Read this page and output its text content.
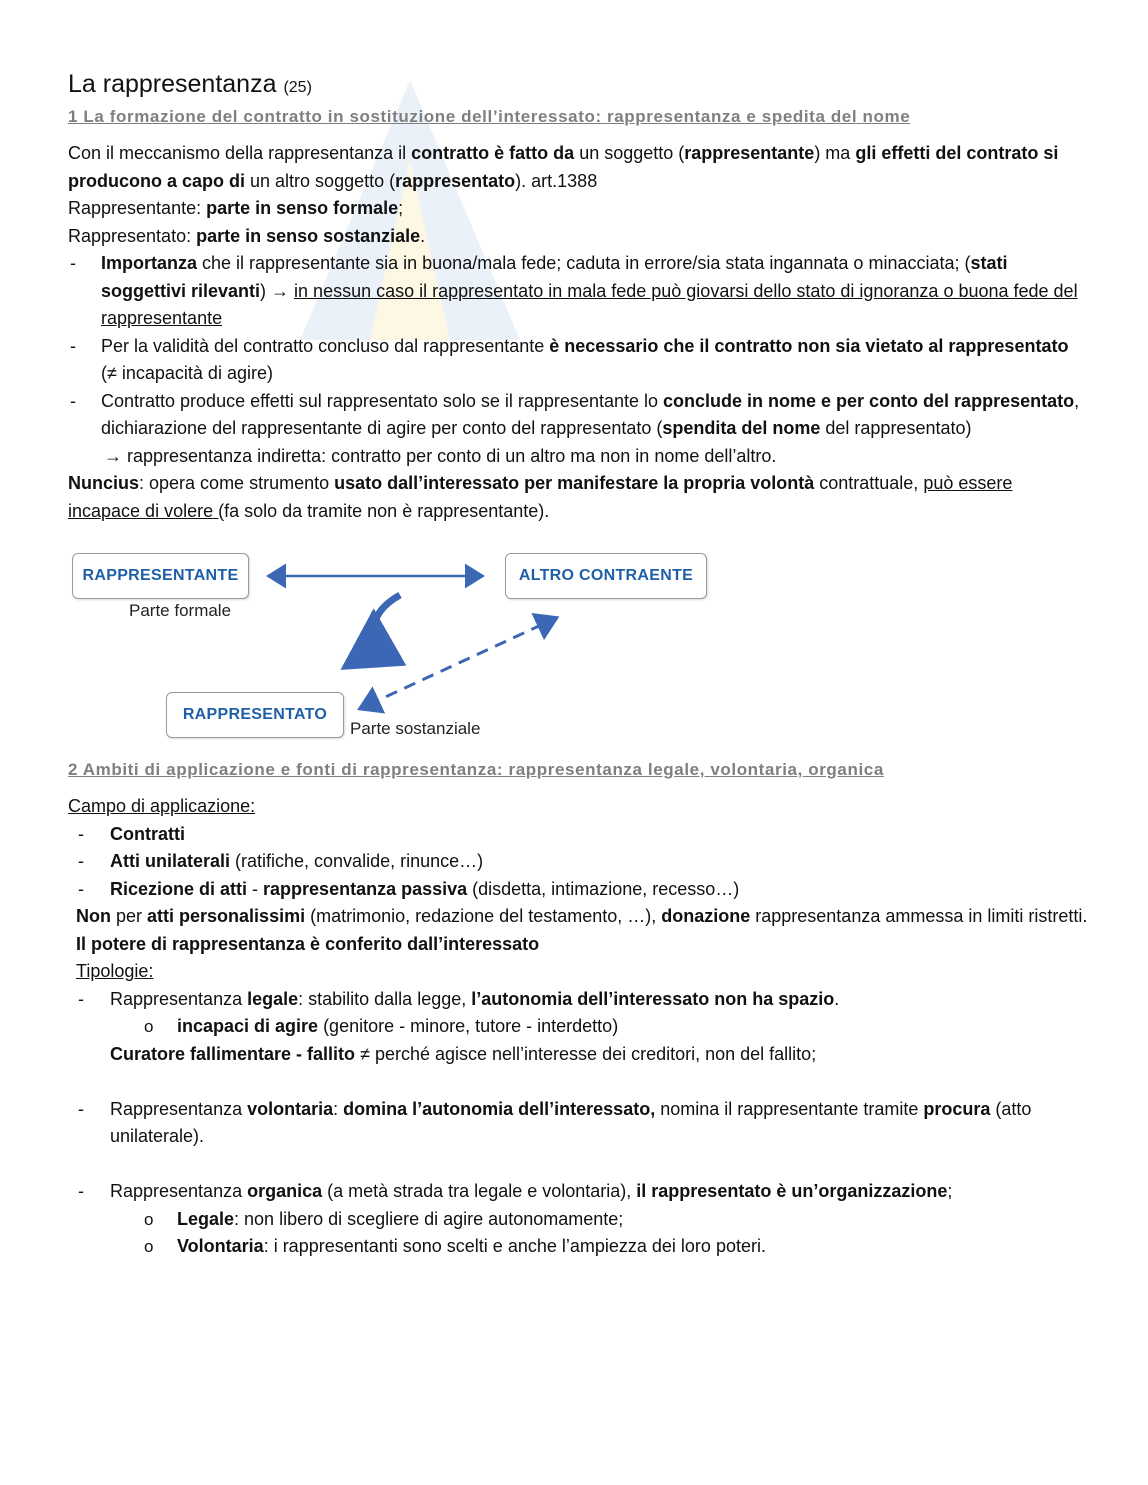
La rappresentanza (25)
1 La formazione del contratto in sostituzione dell’interessato: rappresentanza e spedita del nome

Con il meccanismo della rappresentanza il contratto è fatto da un soggetto (rappresentante) ma gli effetti del contrato si producono a capo di un altro soggetto (rappresentato). art.1388

Rappresentante: parte in senso formale;

Rappresentato: parte in senso sostanziale.

- Importanza che il rappresentante sia in buona/mala fede; caduta in errore/sia stata ingannata o minacciata; (stati soggettivi rilevanti) → in nessun caso il rappresentato in mala fede può giovarsi dello stato di ignoranza o buona fede del rappresentante
- Per la validità del contratto concluso dal rappresentante è necessario che il contratto non sia vietato al rappresentato (≠ incapacità di agire)
- Contratto produce effetti sul rappresentato solo se il rappresentante lo conclude in nome e per conto del rappresentato, dichiarazione del rappresentante di agire per conto del rappresentato (spendita del nome del rappresentato)
→ rappresentanza indiretta: contratto per conto di un altro ma non in nome dell’altro.

Nuncius: opera come strumento usato dall’interessato per manifestare la propria volontà contrattuale, può essere incapace di volere (fa solo da tramite non è rappresentante).

RAPPRESENTANTE
Parte formale
ALTRO CONTRAENTE
RAPPRESENTATO
Parte sostanziale
2 Ambiti di applicazione e fonti di rappresentanza: rappresentanza legale, volontaria, organica

Campo di applicazione:

- Contratti
- Atti unilaterali (ratifiche, convalide, rinunce…)
- Ricezione di atti - rappresentanza passiva (disdetta, intimazione, recesso…)

Non per atti personalissimi (matrimonio, redazione del testamento, …), donazione rappresentanza ammessa in limiti ristretti.

Il potere di rappresentanza è conferito dall’interessato

Tipologie:

- Rappresentanza legale: stabilito dalla legge, l’autonomia dell’interessato non ha spazio.
o incapaci di agire (genitore - minore, tutore - interdetto)
Curatore fallimentare - fallito ≠ perché agisce nell’interesse dei creditori, non del fallito;
- Rappresentanza volontaria: domina l’autonomia dell’interessato, nomina il rappresentante tramite procura (atto unilaterale).
- Rappresentanza organica (a metà strada tra legale e volontaria), il rappresentato è un’organizzazione;
o Legale: non libero di scegliere di agire autonomamente;
o Volontaria: i rappresentanti sono scelti e anche l’ampiezza dei loro poteri.
